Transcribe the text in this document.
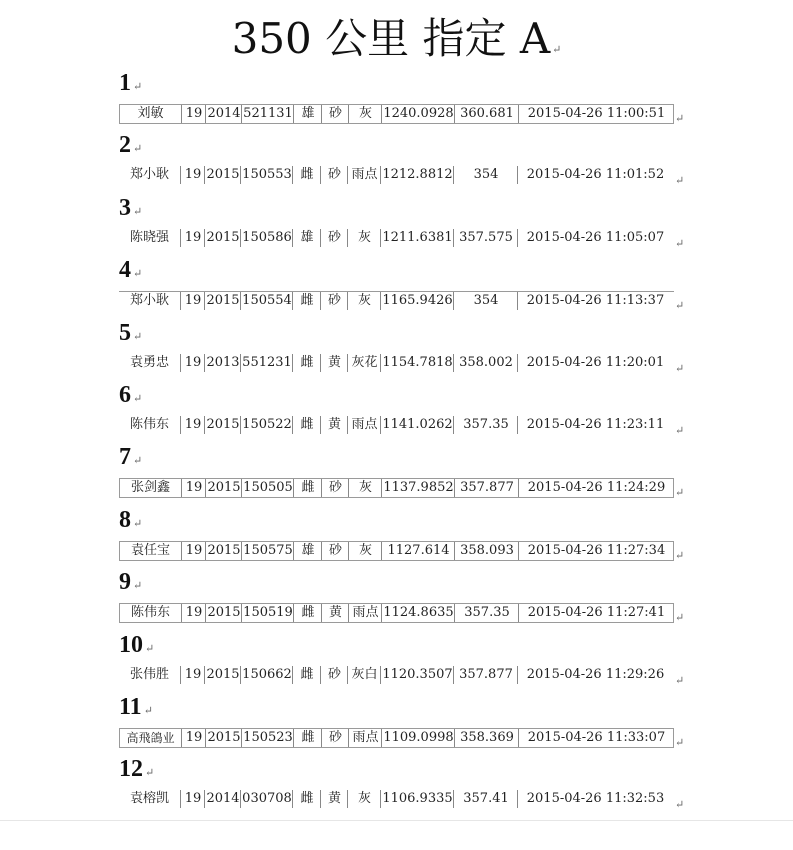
350 公里 指定 A ↵
1 ↵
刘敏	19 2014 521131 雄	砂	灰 1240.0928 360.681	2015-04-26 11:00:51 ↵
2 ↵
郑小耿	19 2015 150553 雌	砂 雨点 1212.8812	354	2015-04-26 11:01:52 ↵
3 ↵
陈晓强	19 2015 150586 雄	砂	灰 1211.6381 357.575	2015-04-26 11:05:07 ↵
4 ↵
郑小耿	19 2015 150554 雌	砂	灰 1165.9426	354	2015-04-26 11:13:37 ↵
5 ↵
袁勇忠	19 2013 551231 雌	黄 灰花 1154.7818 358.002	2015-04-26 11:20:01 ↵
6 ↵
陈伟东	19 2015 150522 雌	黄 雨点 1141.0262 357.35	2015-04-26 11:23:11 ↵
7 ↵
张剑鑫	19 2015 150505 雌	砂	灰 1137.9852 357.877	2015-04-26 11:24:29 ↵
8 ↵
袁任宝	19 2015 150575 雄	砂	灰	1127.614 358.093	2015-04-26 11:27:34 ↵
9 ↵
陈伟东	19 2015 150519 雌	黄 雨点 1124.8635 357.35	2015-04-26 11:27:41 ↵
10 ↵
张伟胜	19 2015 150662 雌	砂 灰白 1120.3507 357.877	2015-04-26 11:29:26 ↵
11 ↵
高飛鴿业 19 2015 150523 雌	砂 雨点 1109.0998 358.369	2015-04-26 11:33:07 ↵
12 ↵
袁榕凯	19 2014 030708 雌	黄	灰 1106.9335 357.41	2015-04-26 11:32:53 ↵
